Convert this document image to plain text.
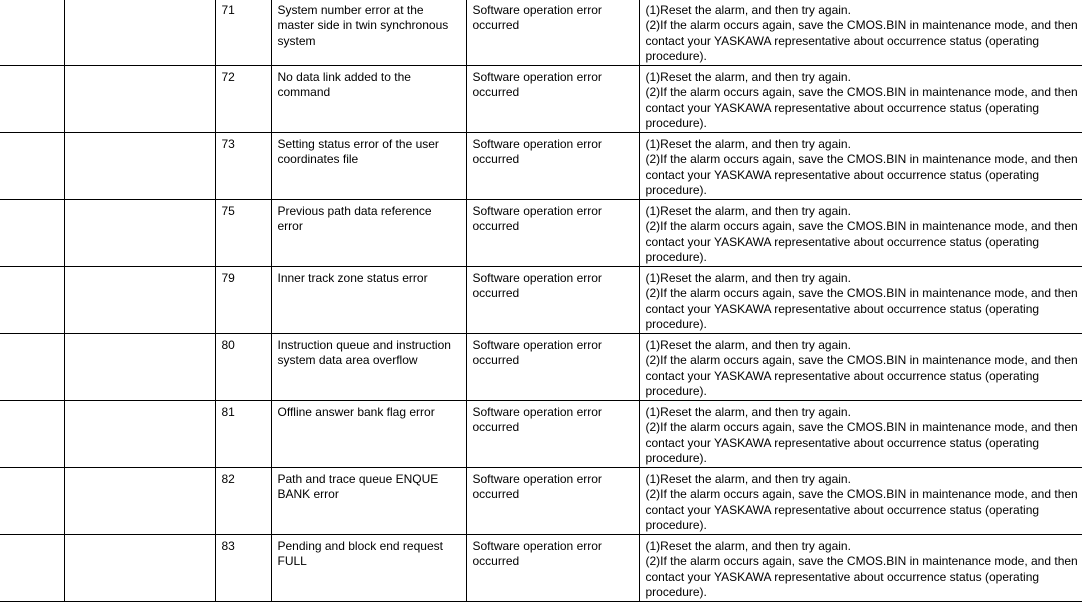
		71	System number error at the master side in twin synchronous system	Software operation error occurred	(1)Reset the alarm, and then try again.
(2)If the alarm occurs again, save the CMOS.BIN in maintenance mode, and then contact your YASKAWA representative about occurrence status (operating procedure).
		72	No data link added to the command	Software operation error occurred	(1)Reset the alarm, and then try again.
(2)If the alarm occurs again, save the CMOS.BIN in maintenance mode, and then contact your YASKAWA representative about occurrence status (operating procedure).
		73	Setting status error of the user coordinates file	Software operation error occurred	(1)Reset the alarm, and then try again.
(2)If the alarm occurs again, save the CMOS.BIN in maintenance mode, and then contact your YASKAWA representative about occurrence status (operating procedure).
		75	Previous path data reference error	Software operation error occurred	(1)Reset the alarm, and then try again.
(2)If the alarm occurs again, save the CMOS.BIN in maintenance mode, and then contact your YASKAWA representative about occurrence status (operating procedure).
		79	Inner track zone status error	Software operation error occurred	(1)Reset the alarm, and then try again.
(2)If the alarm occurs again, save the CMOS.BIN in maintenance mode, and then contact your YASKAWA representative about occurrence status (operating procedure).
		80	Instruction queue and instruction system data area overflow	Software operation error occurred	(1)Reset the alarm, and then try again.
(2)If the alarm occurs again, save the CMOS.BIN in maintenance mode, and then contact your YASKAWA representative about occurrence status (operating procedure).
		81	Offline answer bank flag error	Software operation error occurred	(1)Reset the alarm, and then try again.
(2)If the alarm occurs again, save the CMOS.BIN in maintenance mode, and then contact your YASKAWA representative about occurrence status (operating procedure).
		82	Path and trace queue ENQUE BANK error	Software operation error occurred	(1)Reset the alarm, and then try again.
(2)If the alarm occurs again, save the CMOS.BIN in maintenance mode, and then contact your YASKAWA representative about occurrence status (operating procedure).
		83	Pending and block end request FULL	Software operation error occurred	(1)Reset the alarm, and then try again.
(2)If the alarm occurs again, save the CMOS.BIN in maintenance mode, and then contact your YASKAWA representative about occurrence status (operating procedure).
